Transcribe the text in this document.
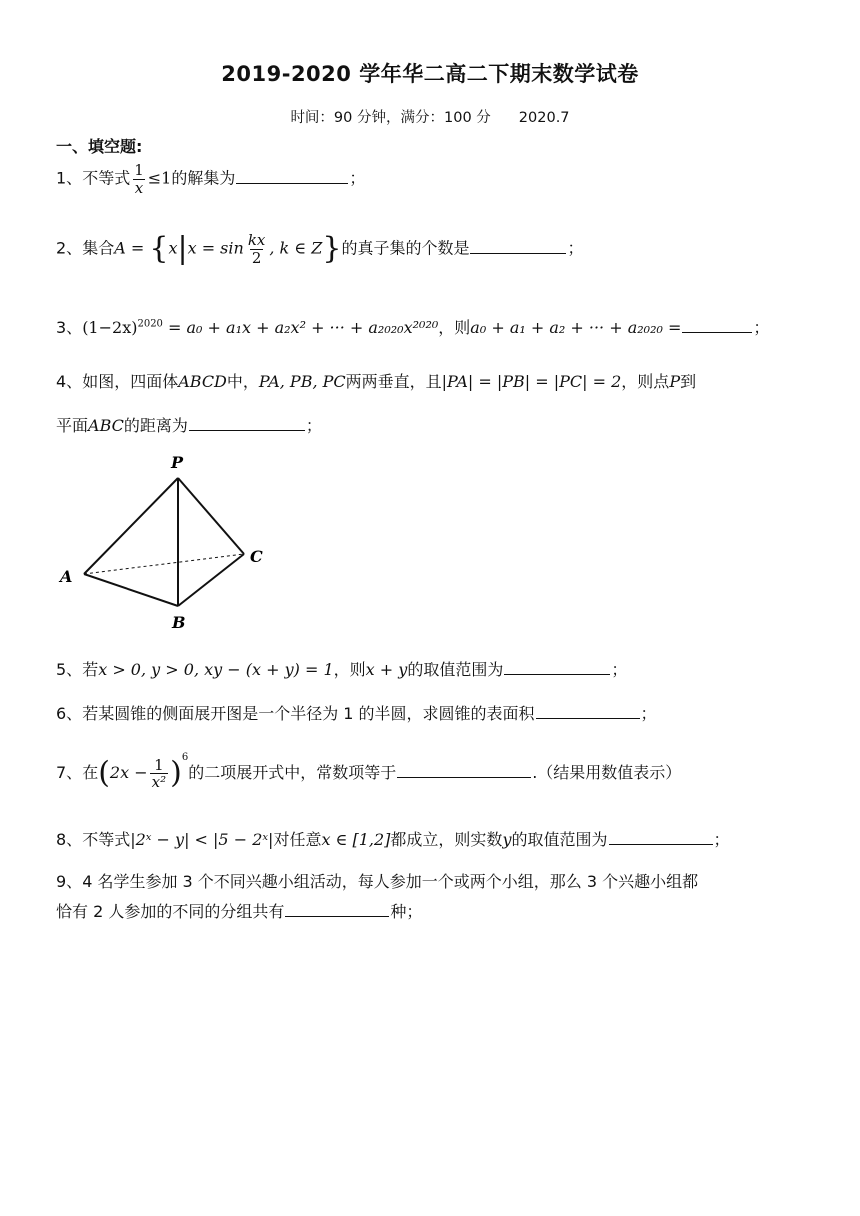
2019-2020 学年华二高二下期末数学试卷
时间：90 分钟，满分：100 分 2020.7
一、填空题:
1、不等式 $\frac{1}{x} \le 1$的解集为	；
2、集合$A = \{x|x = \sin \frac{kx}{2}$ , k ∈ Z}的真子集的个数是	；
3、$(1-2x)^{2020} = a_0 + a_1x + a_2x^2$ + ··· + a₂₀₂₀x²⁰²⁰，则a₀ + a₁ + a₂ + ··· + a₂₀₂₀ =	；
4、如图，四面体ABCD中，PA, PB, PC两两垂直，且|PA| = |PB| = |PC| = 2，则点P到
平面ABC的距离为	；
P
A
B
C
5、若x > 0, y > 0, xy − (x + y) = 1，则x + y的取值范围为	；
6、若某圆锥的侧面展开图是一个半径为 1 的半圆，求圆锥的表面积	；
7、在$(2x - \frac{1}{\text{x²}} )^6$的二项展开式中，常数项等于	.（结果用数值表示）
8、不等式|2ˣ − y| < |5 − 2ˣ|对任意x ∈ [1,2]都成立，则实数y的取值范围为	；
9、4 名学生参加 3 个不同兴趣小组活动，每人参加一个或两个小组，那么 3 个兴趣小组都
恰有 2 人参加的不同的分组共有	种；
